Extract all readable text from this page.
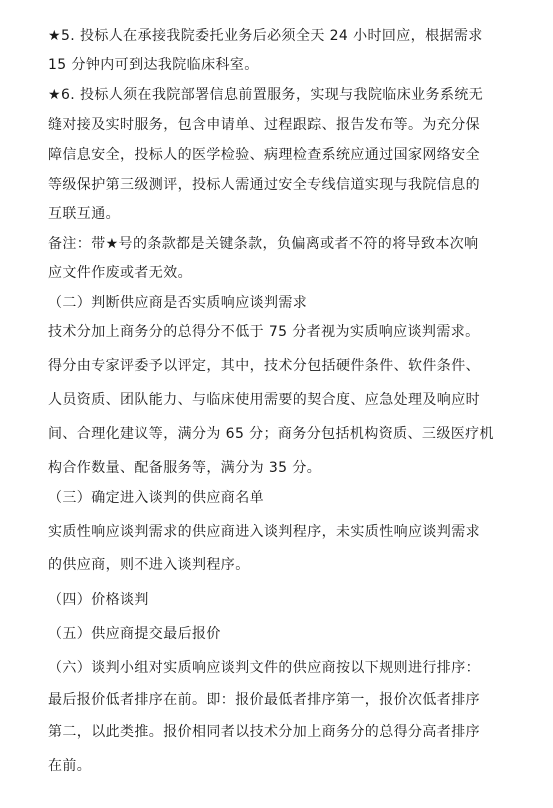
★5. 投标人在承接我院委托业务后必须全天 24 小时回应，根据需求
15 分钟内可到达我院临床科室。
★6. 投标人须在我院部署信息前置服务，实现与我院临床业务系统无
缝对接及实时服务，包含申请单、过程跟踪、报告发布等。为充分保
障信息安全，投标人的医学检验、病理检查系统应通过国家网络安全
等级保护第三级测评，投标人需通过安全专线信道实现与我院信息的
互联互通。
备注：带★号的条款都是关键条款，负偏离或者不符的将导致本次响
应文件作废或者无效。
（二）判断供应商是否实质响应谈判需求
技术分加上商务分的总得分不低于 75 分者视为实质响应谈判需求。
得分由专家评委予以评定，其中，技术分包括硬件条件、软件条件、
人员资质、团队能力、与临床使用需要的契合度、应急处理及响应时
间、合理化建议等，满分为 65 分；商务分包括机构资质、三级医疗机
构合作数量、配备服务等，满分为 35 分。
（三）确定进入谈判的供应商名单
实质性响应谈判需求的供应商进入谈判程序，未实质性响应谈判需求
的供应商，则不进入谈判程序。
（四）价格谈判
（五）供应商提交最后报价
（六）谈判小组对实质响应谈判文件的供应商按以下规则进行排序：
最后报价低者排序在前。即：报价最低者排序第一，报价次低者排序
第二，以此类推。报价相同者以技术分加上商务分的总得分高者排序
在前。
